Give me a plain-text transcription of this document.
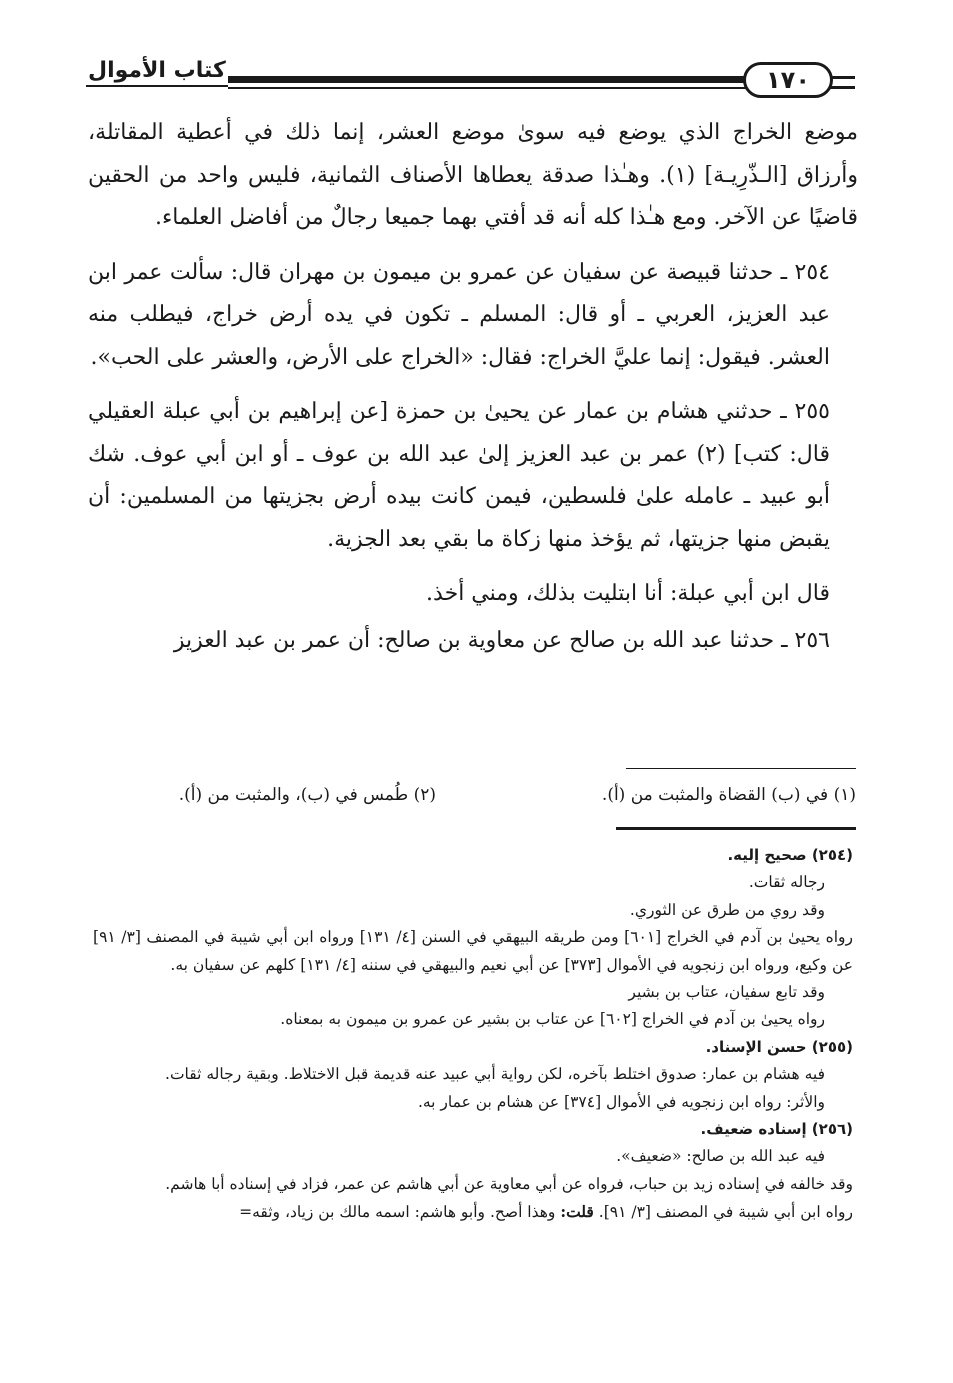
١٧٠
كتاب الأموال

موضع الخراج الذي يوضع فيه سوىٰ موضع العشر، إنما ذلك في أعطية المقاتلة، وأرزاق [الـذّرِيـة] (١). وهـٰذا صدقة يعطاها الأصناف الثمانية، فليس واحد من الحقين قاضيًا عن الآخر. ومع هـٰذا كله أنه قد أفتي بهما جميعا رجالٌ من أفاضل العلماء.

٢٥٤ ـ حدثنا قبيصة عن سفيان عن عمرو بن ميمون بن مهران قال: سألت عمر ابن عبد العزيز، العربي ـ أو قال: المسلم ـ تكون في يده أرض خراج، فيطلب منه العشر. فيقول: إنما عليَّ الخراج: فقال: «الخراج على الأرض، والعشر على الحب».

٢٥٥ ـ حدثني هشام بن عمار عن يحيىٰ بن حمزة [عن إبراهيم بن أبي عبلة العقيلي قال: كتب] (٢) عمر بن عبد العزيز إلىٰ عبد الله بن عوف ـ أو ابن أبي عوف. شك أبو عبيد ـ عامله علىٰ فلسطين، فيمن كانت بيده أرض بجزيتها من المسلمين: أن يقبض منها جزيتها، ثم يؤخذ منها زكاة ما بقي بعد الجزية.

قال ابن أبي عبلة: أنا ابتليت بذلك، ومني أخذ.

٢٥٦ ـ حدثنا عبد الله بن صالح عن معاوية بن صالح: أن عمر بن عبد العزيز

(١) في (ب) القضاة والمثبت من (أ).
(٢) طُمس في (ب)، والمثبت من (أ).
(٢٥٤) صحيح إليه.
رجاله ثقات.
وقد روي من طرق عن الثوري.
رواه يحيىٰ بن آدم في الخراج [٦٠١] ومن طريقه البيهقي في السنن [٤/ ١٣١] ورواه ابن أبي شيبة في المصنف [٣/ ٩١] عن وكيع، ورواه ابن زنجويه في الأموال [٣٧٣] عن أبي نعيم والبيهقي في سننه [٤/ ١٣١] كلهم عن سفيان به.
وقد تابع سفيان، عتاب بن بشير
رواه يحيىٰ بن آدم في الخراج [٦٠٢] عن عتاب بن بشير عن عمرو بن ميمون به بمعناه.
(٢٥٥) حسن الإسناد.
فيه هشام بن عمار: صدوق اختلط بآخره، لكن رواية أبي عبيد عنه قديمة قبل الاختلاط. وبقية رجاله ثقات.
والأثر: رواه ابن زنجويه في الأموال [٣٧٤] عن هشام بن عمار به.
(٢٥٦) إسناده ضعيف.
فيه عبد الله بن صالح: «ضعيف».
وقد خالفه في إسناده زيد بن حباب، فرواه عن أبي معاوية عن أبي هاشم عن عمر، فزاد في إسناده أبا هاشم.
رواه ابن أبي شيبة في المصنف [٣/ ٩١]. قلت: وهذا أصح. وأبو هاشم: اسمه مالك بن زياد، وثقه=
